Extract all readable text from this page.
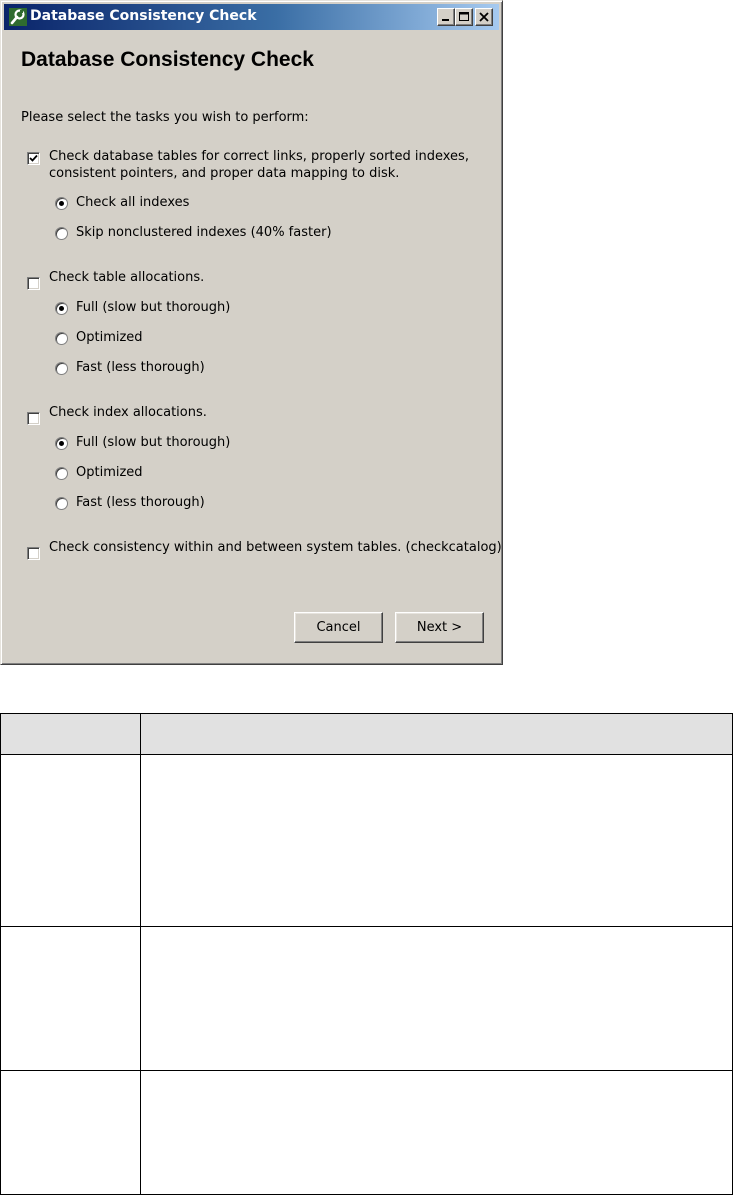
Database Consistency Check
Database Consistency Check
Please select the tasks you wish to perform:
Check database tables for correct links, properly sorted indexes,
consistent pointers, and proper data mapping to disk.
Check all indexes
Skip nonclustered indexes (40% faster)
Check table allocations.
Full (slow but thorough)
Optimized
Fast (less thorough)
Check index allocations.
Full (slow but thorough)
Optimized
Fast (less thorough)
Check consistency within and between system tables. (checkcatalog)
Cancel	Next >
